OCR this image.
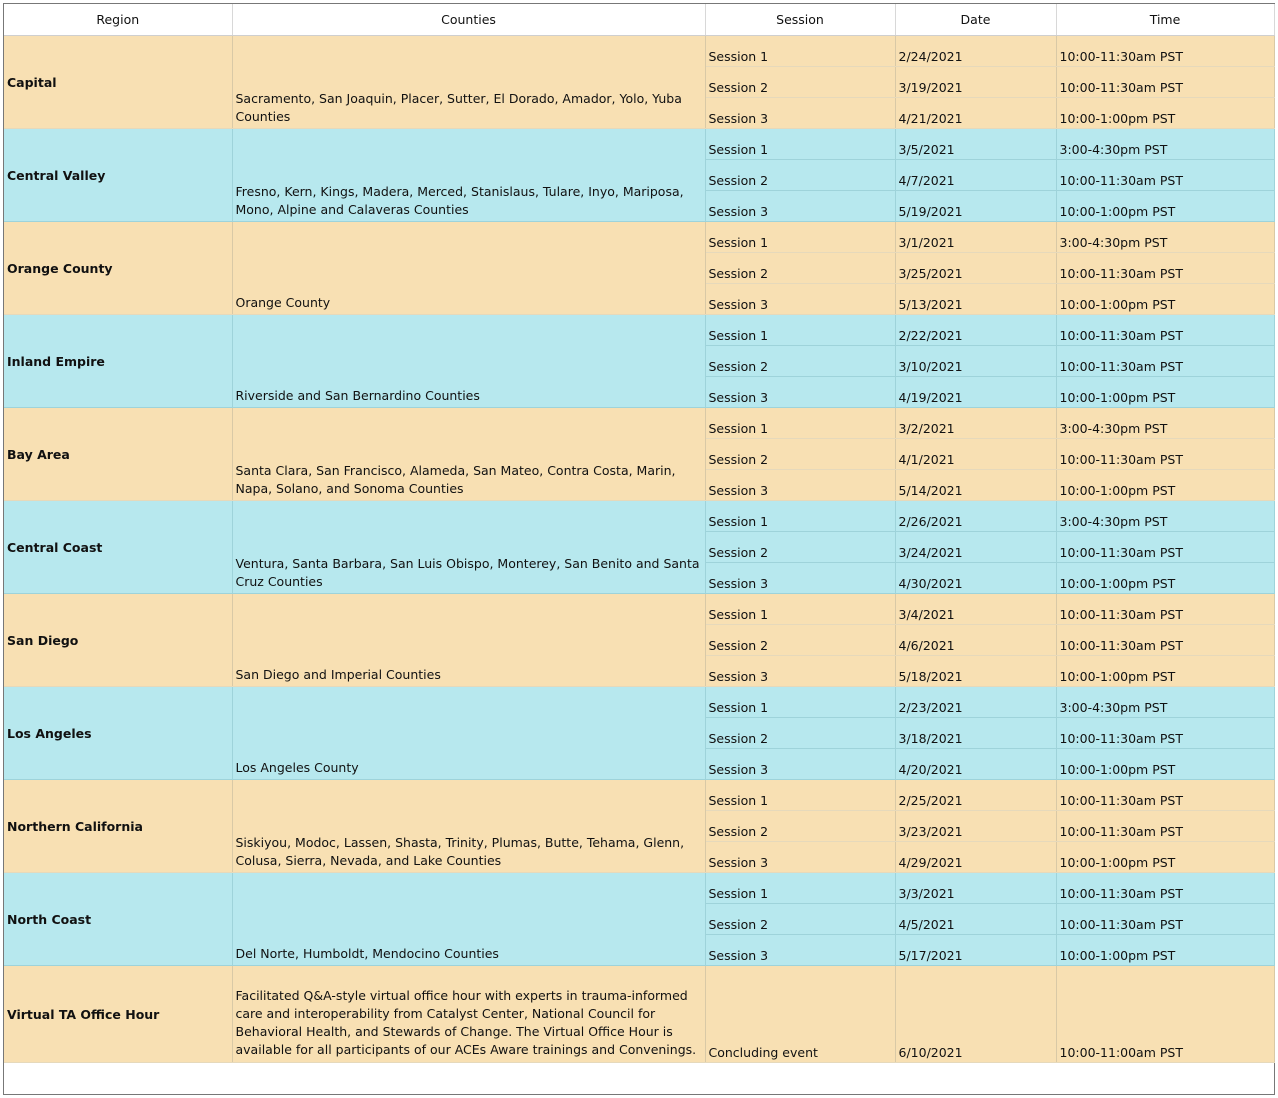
Region	Counties	Session	Date	Time
Capital	Sacramento, San Joaquin, Placer, Sutter, El Dorado, Amador, Yolo, Yuba Counties	Session 1	2/24/2021	10:00-11:30am PST
		Session 2	3/19/2021	10:00-11:30am PST
		Session 3	4/21/2021	10:00-1:00pm PST
Central Valley	Fresno, Kern, Kings, Madera, Merced, Stanislaus, Tulare, Inyo, Mariposa, Mono, Alpine and Calaveras Counties	Session 1	3/5/2021	3:00-4:30pm PST
		Session 2	4/7/2021	10:00-11:30am PST
		Session 3	5/19/2021	10:00-1:00pm PST
Orange County	Orange County	Session 1	3/1/2021	3:00-4:30pm PST
		Session 2	3/25/2021	10:00-11:30am PST
		Session 3	5/13/2021	10:00-1:00pm PST
Inland Empire	Riverside and San Bernardino Counties	Session 1	2/22/2021	10:00-11:30am PST
		Session 2	3/10/2021	10:00-11:30am PST
		Session 3	4/19/2021	10:00-1:00pm PST
Bay Area	Santa Clara, San Francisco, Alameda, San Mateo, Contra Costa, Marin, Napa, Solano, and Sonoma Counties	Session 1	3/2/2021	3:00-4:30pm PST
		Session 2	4/1/2021	10:00-11:30am PST
		Session 3	5/14/2021	10:00-1:00pm PST
Central Coast	Ventura, Santa Barbara, San Luis Obispo, Monterey, San Benito and Santa Cruz Counties	Session 1	2/26/2021	3:00-4:30pm PST
		Session 2	3/24/2021	10:00-11:30am PST
		Session 3	4/30/2021	10:00-1:00pm PST
San Diego	San Diego and Imperial Counties	Session 1	3/4/2021	10:00-11:30am PST
		Session 2	4/6/2021	10:00-11:30am PST
		Session 3	5/18/2021	10:00-1:00pm PST
Los Angeles	Los Angeles County	Session 1	2/23/2021	3:00-4:30pm PST
		Session 2	3/18/2021	10:00-11:30am PST
		Session 3	4/20/2021	10:00-1:00pm PST
Northern California	Siskiyou, Modoc, Lassen, Shasta, Trinity, Plumas, Butte, Tehama, Glenn, Colusa, Sierra, Nevada, and Lake Counties	Session 1	2/25/2021	10:00-11:30am PST
		Session 2	3/23/2021	10:00-11:30am PST
		Session 3	4/29/2021	10:00-1:00pm PST
North Coast	Del Norte, Humboldt, Mendocino Counties	Session 1	3/3/2021	10:00-11:30am PST
		Session 2	4/5/2021	10:00-11:30am PST
		Session 3	5/17/2021	10:00-1:00pm PST
Virtual TA Office Hour	Facilitated Q&A-style virtual office hour with experts in trauma-informed care and interoperability from Catalyst Center, National Council for Behavioral Health, and Stewards of Change. The Virtual Office Hour is available for all participants of our ACEs Aware trainings and Convenings.	Concluding event	6/10/2021	10:00-11:00am PST
